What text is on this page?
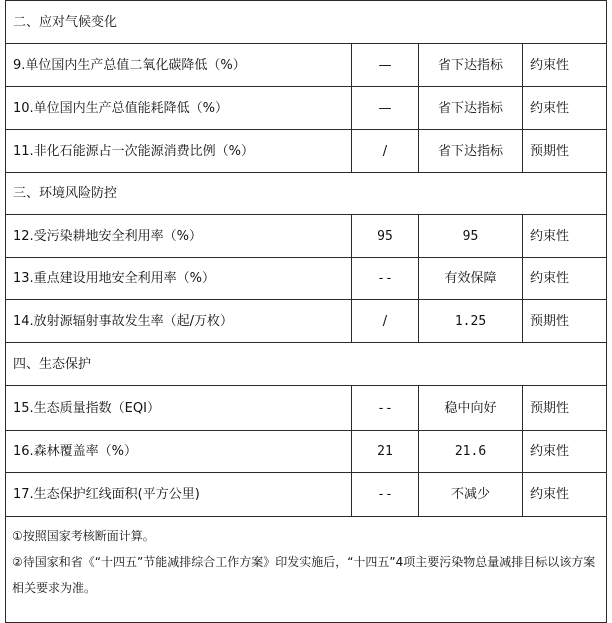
二、应对气候变化			
9.单位国内生产总值二氧化碳降低（%）	—	省下达指标	约束性
10.单位国内生产总值能耗降低（%）	—	省下达指标	约束性
11.非化石能源占一次能源消费比例（%）	/	省下达指标	预期性
三、环境风险防控			
12.受污染耕地安全利用率（%）	95	95	约束性
13.重点建设用地安全利用率（%）	--	有效保障	约束性
14.放射源辐射事故发生率（起/万枚）	/	1.25	预期性
四、生态保护			
15.生态质量指数（EQI）	--	稳中向好	预期性
16.森林覆盖率（%）	21	21.6	约束性
17.生态保护红线面积(平方公里)	--	不减少	约束性

①按照国家考核断面计算。
②待国家和省《“十四五”节能减排综合工作方案》印发实施后，“十四五”4项主要污染物总量减排目标以该方案相关要求为准。			
